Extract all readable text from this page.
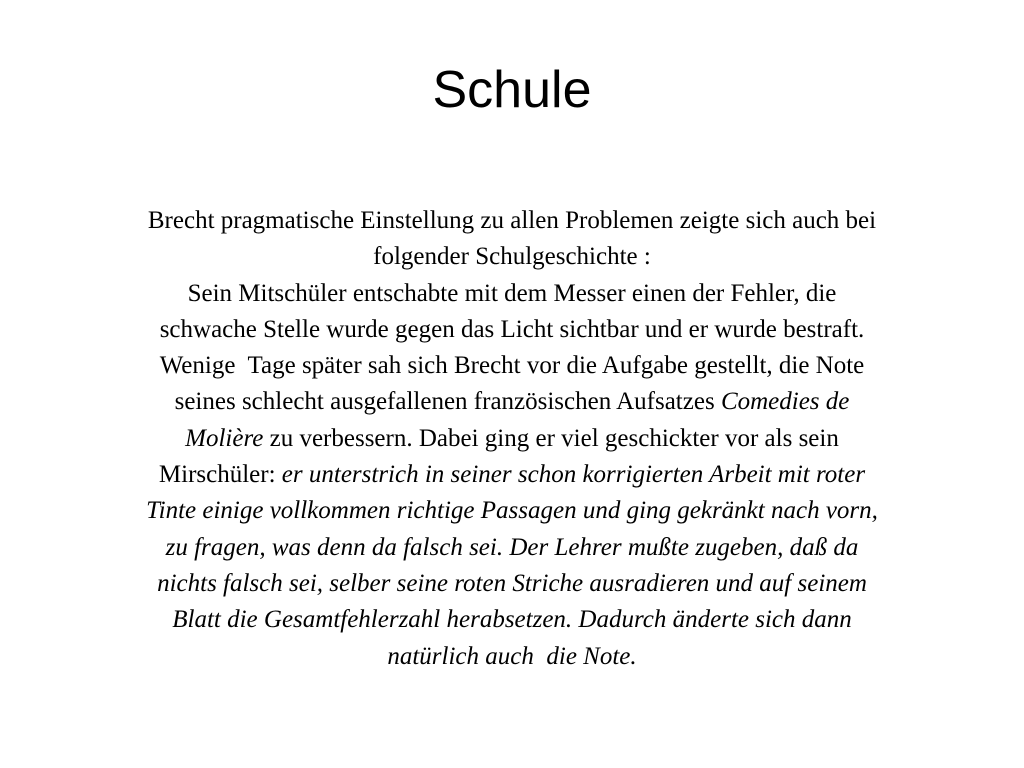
Schule
Brecht pragmatische Einstellung zu allen Problemen zeigte sich auch bei
folgender Schulgeschichte :
Sein Mitschüler entschabte mit dem Messer einen der Fehler, die
schwache Stelle wurde gegen das Licht sichtbar und er wurde bestraft.
Wenige  Tage später sah sich Brecht vor die Aufgabe gestellt, die Note
seines schlecht ausgefallenen französischen Aufsatzes Comedies de
Molière zu verbessern. Dabei ging er viel geschickter vor als sein
Mirschüler: er unterstrich in seiner schon korrigierten Arbeit mit roter
Tinte einige vollkommen richtige Passagen und ging gekränkt nach vorn,
zu fragen, was denn da falsch sei. Der Lehrer mußte zugeben, daß da
nichts falsch sei, selber seine roten Striche ausradieren und auf seinem
Blatt die Gesamtfehlerzahl herabsetzen. Dadurch änderte sich dann
natürlich auch  die Note.
